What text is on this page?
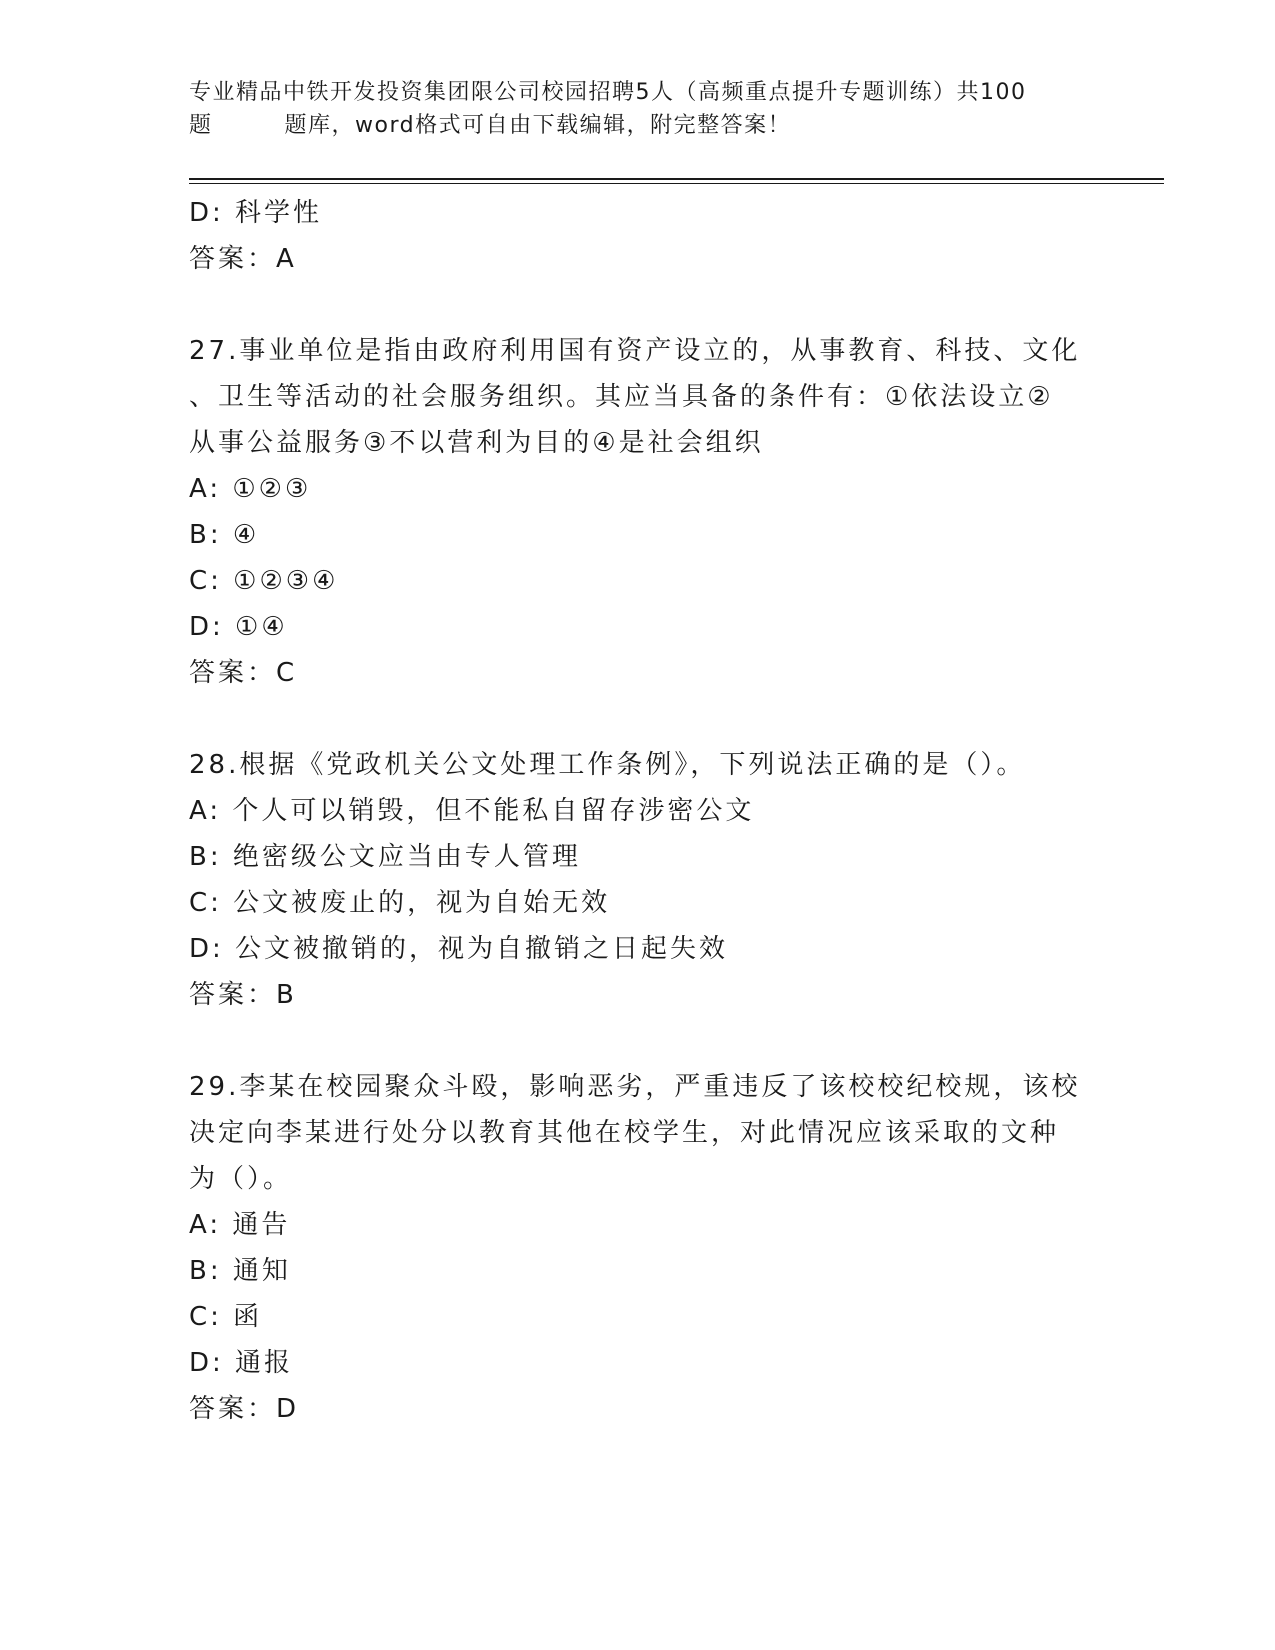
专业精品中铁开发投资集团限公司校园招聘5人（高频重点提升专题训练）共100
题	题库，word格式可自由下载编辑，附完整答案！
D: 科学性
答案：A
27.事业单位是指由政府利用国有资产设立的，从事教育、科技、文化
、卫生等活动的社会服务组织。其应当具备的条件有：①依法设立②
从事公益服务③不以营利为目的④是社会组织
A: ①②③
B: ④
C: ①②③④
D: ①④
答案：C
28.根据《党政机关公文处理工作条例》，下列说法正确的是（）。
A: 个人可以销毁，但不能私自留存涉密公文
B: 绝密级公文应当由专人管理
C: 公文被废止的，视为自始无效
D: 公文被撤销的，视为自撤销之日起失效
答案：B
29.李某在校园聚众斗殴，影响恶劣，严重违反了该校校纪校规，该校
决定向李某进行处分以教育其他在校学生，对此情况应该采取的文种
为（）。
A: 通告
B: 通知
C: 函
D: 通报
答案：D
